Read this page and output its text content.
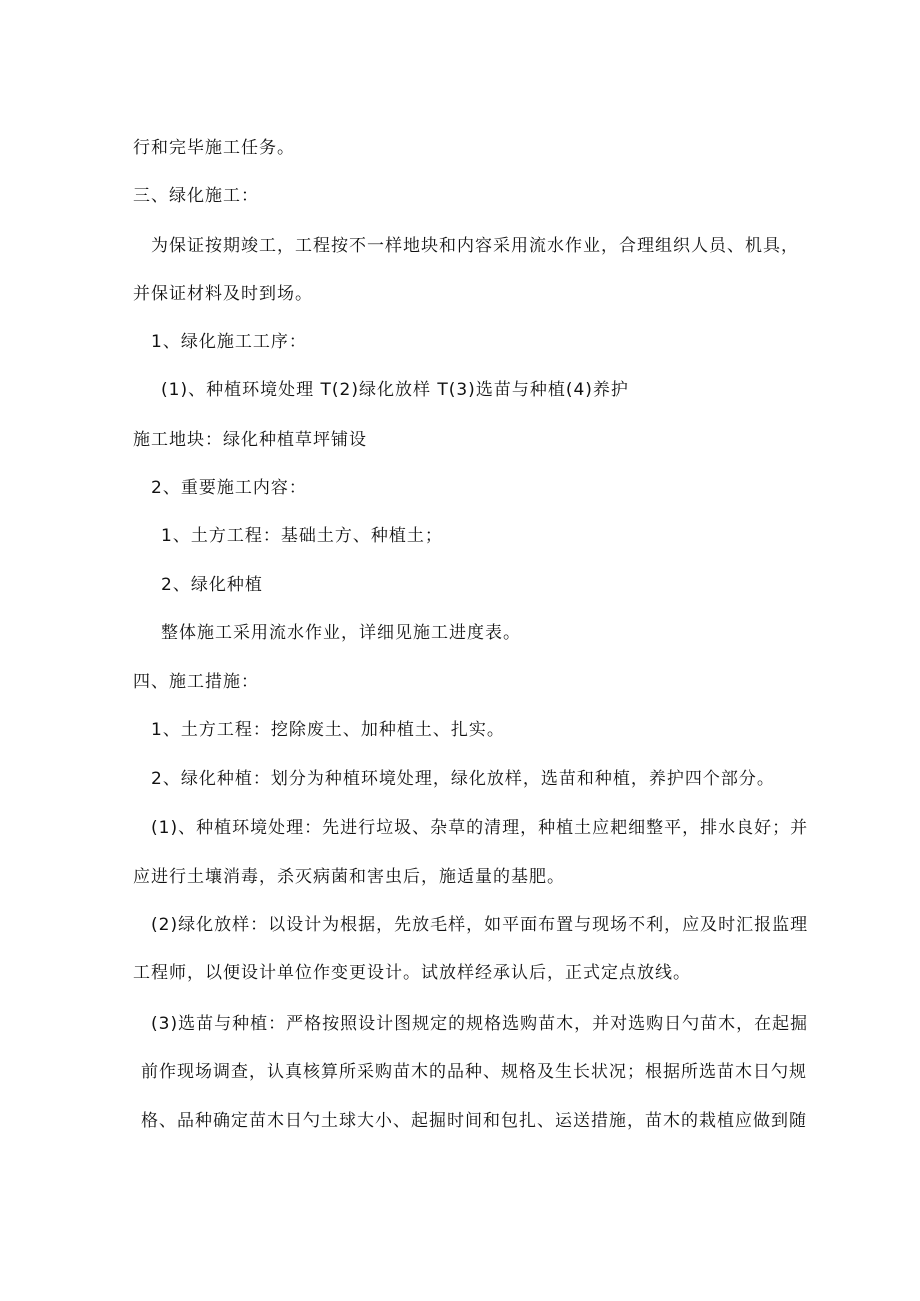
行和完毕施工任务。
三、绿化施工：
为保证按期竣工，工程按不一样地块和内容采用流水作业，合理组织人员、机具，
并保证材料及时到场。
1、绿化施工工序：
(1)、种植环境处理 T(2)绿化放样 T(3)选苗与种植(4)养护
施工地块：绿化种植草坪铺设
2、重要施工内容：
1、土方工程：基础土方、种植土；
2、绿化种植
整体施工采用流水作业，详细见施工进度表。
四、施工措施：
1、土方工程：挖除废土、加种植土、扎实。
2、绿化种植：划分为种植环境处理，绿化放样，选苗和种植，养护四个部分。
(1)、种植环境处理：先进行垃圾、杂草的清理，种植土应耙细整平，排水良好；并
应进行土壤消毒，杀灭病菌和害虫后，施适量的基肥。
(2)绿化放样：以设计为根据，先放毛样，如平面布置与现场不利，应及时汇报监理
工程师，以便设计单位作变更设计。试放样经承认后，正式定点放线。
(3)选苗与种植：严格按照设计图规定的规格选购苗木，并对选购日勺苗木，在起掘
前作现场调查，认真核算所采购苗木的品种、规格及生长状况；根据所选苗木日勺规
格、品种确定苗木日勺土球大小、起掘时间和包扎、运送措施，苗木的栽植应做到随
